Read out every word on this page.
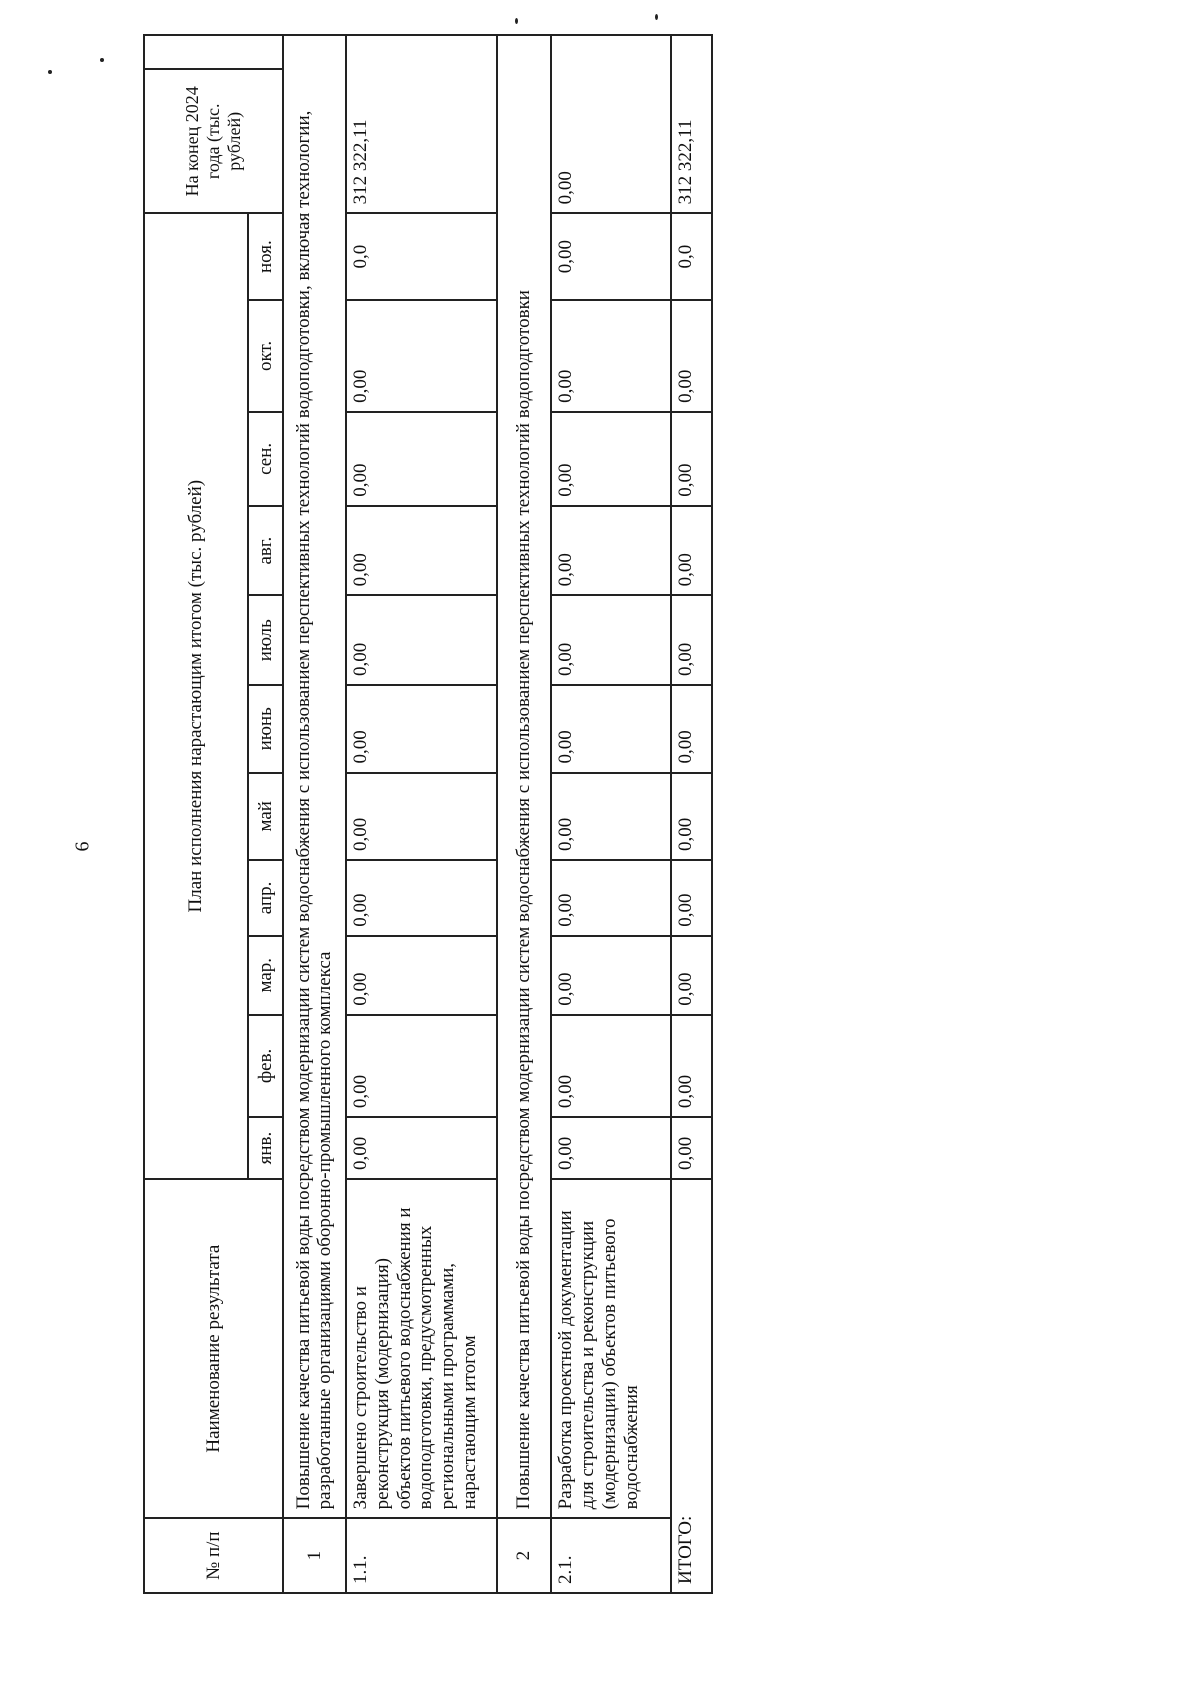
6
№ п/п	Наименование результата	План исполнения нарастающим итогом (тыс. рублей)											На конец 2024 года (тыс. рублей)	
		янв.	фев.	мар.	апр.	май	июнь	июль	авг.	сен.	окт.	ноя.		
1	Повышение качества питьевой воды посредством модернизации систем водоснабжения с использованием перспективных технологий водоподготовки, включая технологии, разработанные организациями оборонно-промышленного комплекса													
1.1.	Завершено строительство и реконструкция (модернизация) объектов питьевого водоснабжения и водоподготовки, предусмотренных региональными программами, нарастающим итогом	0,00	0,00	0,00	0,00	0,00	0,00	0,00	0,00	0,00	0,00	0,0	312 322,11	
2	Повышение качества питьевой воды посредством модернизации систем водоснабжения с использованием перспективных технологий водоподготовки													
2.1.	Разработка проектной документации для строительства и реконструкции (модернизации) объектов питьевого водоснабжения	0,00	0,00	0,00	0,00	0,00	0,00	0,00	0,00	0,00	0,00	0,00	0,00	
ИТОГО:		0,00	0,00	0,00	0,00	0,00	0,00	0,00	0,00	0,00	0,00	0,0	312 322,11	
